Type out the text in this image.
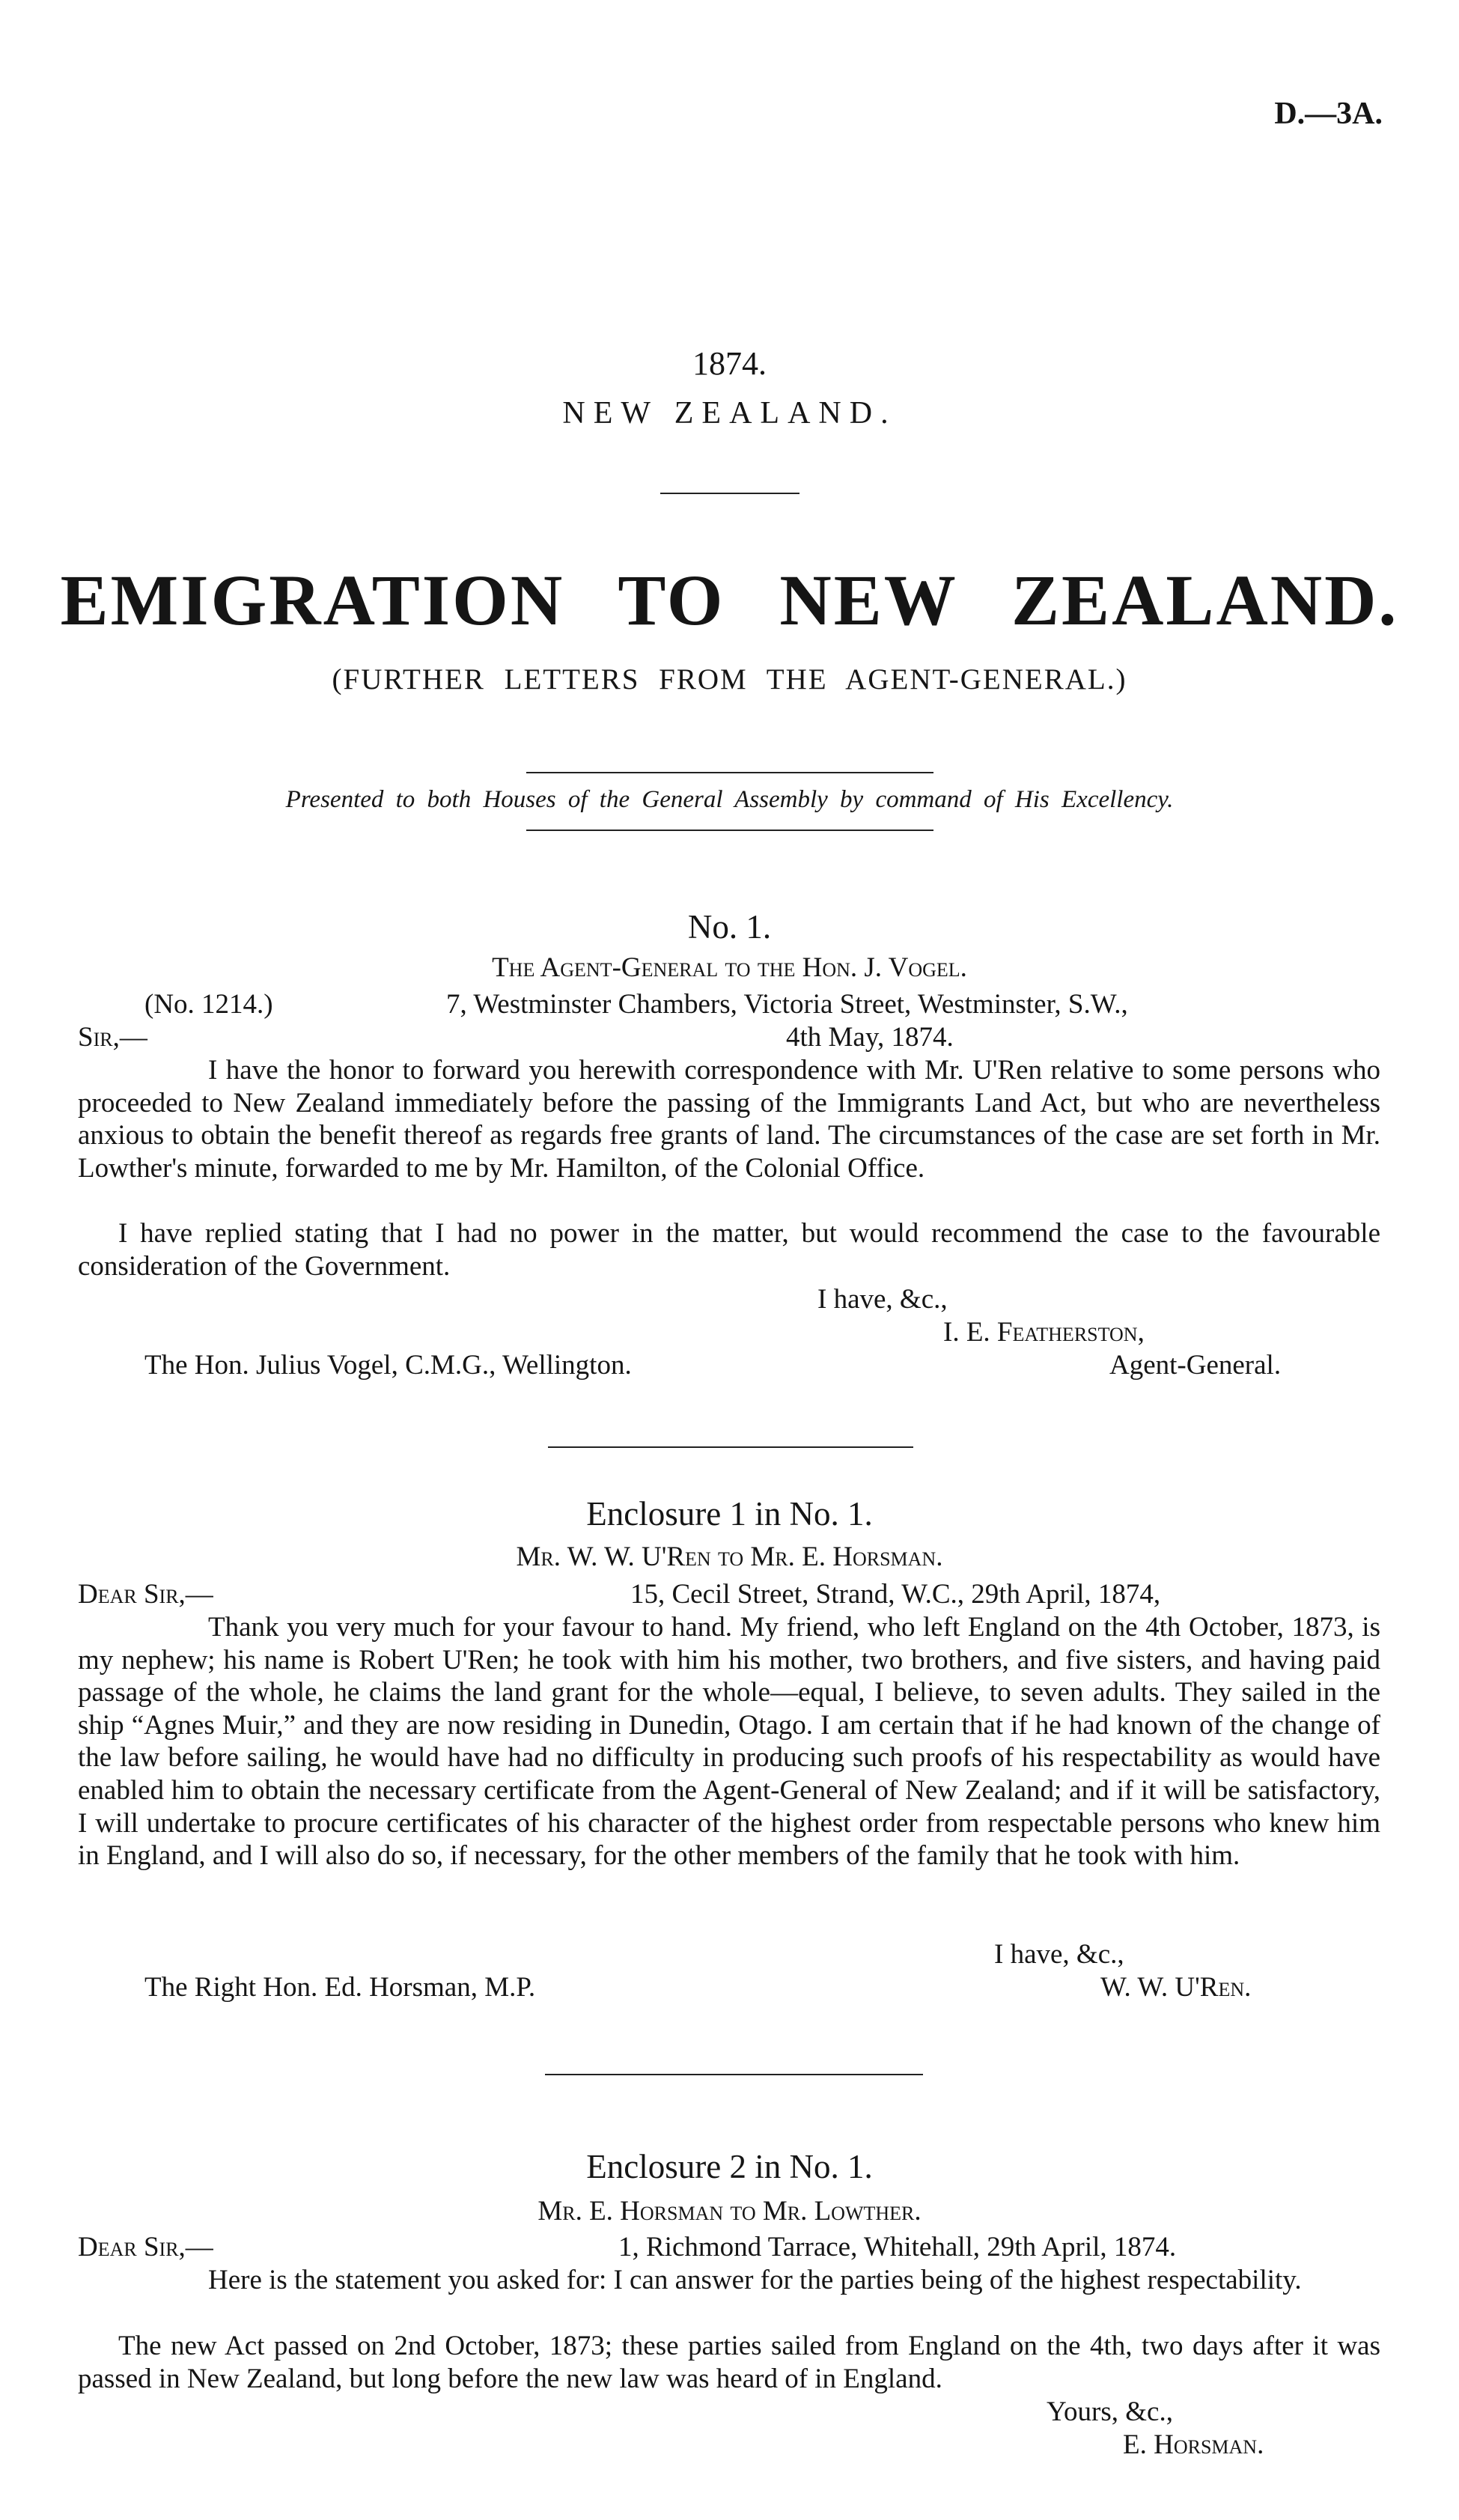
D.—3A.
1874.
NEW ZEALAND.
EMIGRATION TO NEW ZEALAND.
(FURTHER LETTERS FROM THE AGENT-GENERAL.)
Presented to both Houses of the General Assembly by command of His Excellency.
No. 1.
The Agent-General to the Hon. J. Vogel.
(No. 1214.)	7, Westminster Chambers, Victoria Street, Westminster, S.W.,
Sir,—	4th May, 1874.
I have the honor to forward you herewith correspondence with Mr. U'Ren relative to some persons who proceeded to New Zealand immediately before the passing of the Immigrants Land Act, but who are nevertheless anxious to obtain the benefit thereof as regards free grants of land. The circumstances of the case are set forth in Mr. Lowther's minute, forwarded to me by Mr. Hamilton, of the Colonial Office.
I have replied stating that I had no power in the matter, but would recommend the case to the favourable consideration of the Government.
I have, &c.,
I. E. Featherston,
The Hon. Julius Vogel, C.M.G., Wellington.	Agent-General.
Enclosure 1 in No. 1.
Mr. W. W. U'Ren to Mr. E. Horsman.
Dear Sir,—	15, Cecil Street, Strand, W.C., 29th April, 1874,
Thank you very much for your favour to hand. My friend, who left England on the 4th October, 1873, is my nephew; his name is Robert U'Ren; he took with him his mother, two brothers, and five sisters, and having paid passage of the whole, he claims the land grant for the whole—equal, I believe, to seven adults. They sailed in the ship “Agnes Muir,” and they are now residing in Dunedin, Otago. I am certain that if he had known of the change of the law before sailing, he would have had no difficulty in producing such proofs of his respectability as would have enabled him to obtain the necessary certificate from the Agent-General of New Zealand; and if it will be satisfactory, I will undertake to procure certificates of his character of the highest order from respectable persons who knew him in England, and I will also do so, if necessary, for the other members of the family that he took with him.
I have, &c.,
The Right Hon. Ed. Horsman, M.P.	W. W. U'Ren.
Enclosure 2 in No. 1.
Mr. E. Horsman to Mr. Lowther.
Dear Sir,—	1, Richmond Tarrace, Whitehall, 29th April, 1874.
Here is the statement you asked for: I can answer for the parties being of the highest respectability.
The new Act passed on 2nd October, 1873; these parties sailed from England on the 4th, two days after it was passed in New Zealand, but long before the new law was heard of in England.
Yours, &c.,
E. Horsman.
